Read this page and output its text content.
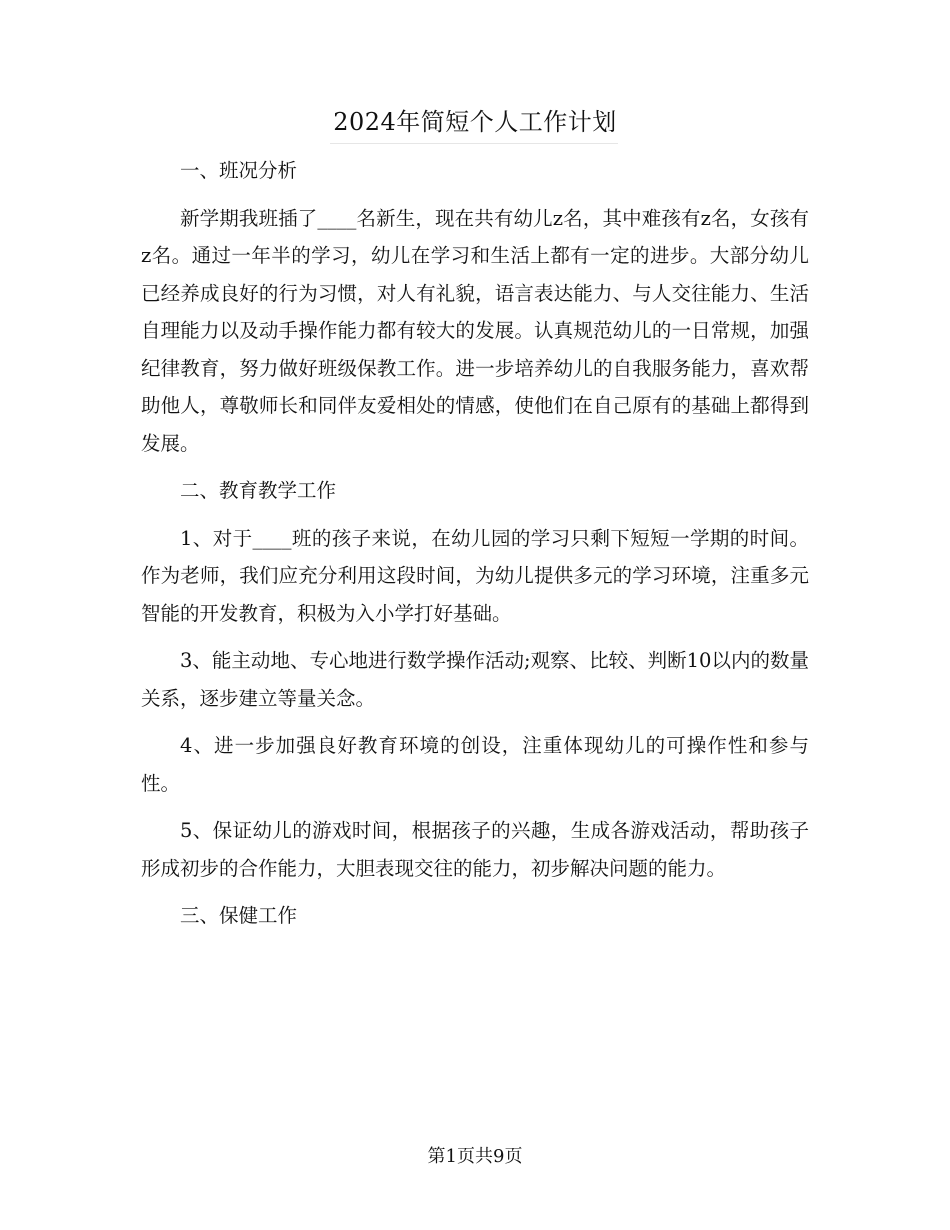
2024年简短个人工作计划

一、班况分析

新学期我班插了____名新生，现在共有幼儿z名，其中难孩有z名，女孩有z名。通过一年半的学习，幼儿在学习和生活上都有一定的进步。大部分幼儿已经养成良好的行为习惯，对人有礼貌，语言表达能力、与人交往能力、生活自理能力以及动手操作能力都有较大的发展。认真规范幼儿的一日常规，加强纪律教育，努力做好班级保教工作。进一步培养幼儿的自我服务能力，喜欢帮助他人，尊敬师长和同伴友爱相处的情感，使他们在自己原有的基础上都得到发展。

二、教育教学工作

1、对于____班的孩子来说，在幼儿园的学习只剩下短短一学期的时间。作为老师，我们应充分利用这段时间，为幼儿提供多元的学习环境，注重多元智能的开发教育，积极为入小学打好基础。

3、能主动地、专心地进行数学操作活动;观察、比较、判断10以内的数量关系，逐步建立等量关念。

4、进一步加强良好教育环境的创设，注重体现幼儿的可操作性和参与性。

5、保证幼儿的游戏时间，根据孩子的兴趣，生成各游戏活动，帮助孩子形成初步的合作能力，大胆表现交往的能力，初步解决问题的能力。

三、保健工作

第1页共9页
